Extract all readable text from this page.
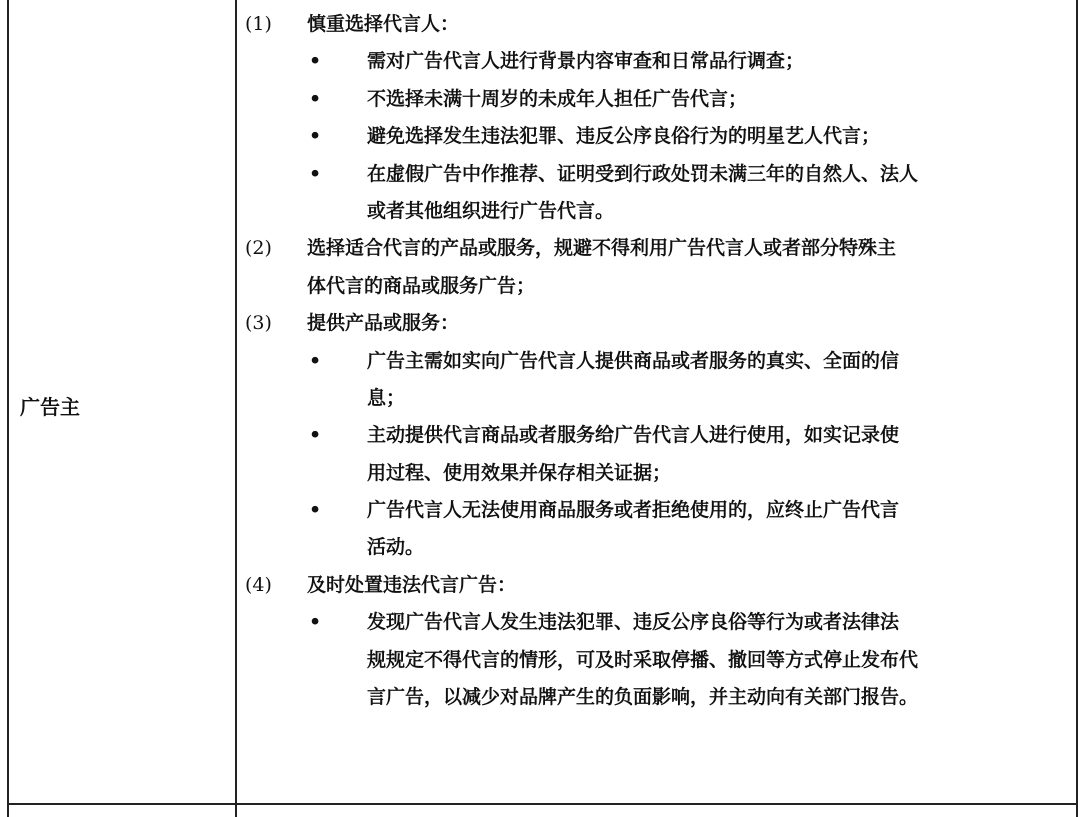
广告主
(1) 慎重选择代言人：
• 需对广告代言人进行背景内容审查和日常品行调查；
• 不选择未满十周岁的未成年人担任广告代言；
• 避免选择发生违法犯罪、违反公序良俗行为的明星艺人代言；
• 在虚假广告中作推荐、证明受到行政处罚未满三年的自然人、法人
或者其他组织进行广告代言。
(2) 选择适合代言的产品或服务，规避不得利用广告代言人或者部分特殊主
体代言的商品或服务广告；
(3) 提供产品或服务：
• 广告主需如实向广告代言人提供商品或者服务的真实、全面的信
息；
• 主动提供代言商品或者服务给广告代言人进行使用，如实记录使
用过程、使用效果并保存相关证据；
• 广告代言人无法使用商品服务或者拒绝使用的，应终止广告代言
活动。
(4) 及时处置违法代言广告：
• 发现广告代言人发生违法犯罪、违反公序良俗等行为或者法律法
规规定不得代言的情形，可及时采取停播、撤回等方式停止发布代
言广告，以减少对品牌产生的负面影响，并主动向有关部门报告。
